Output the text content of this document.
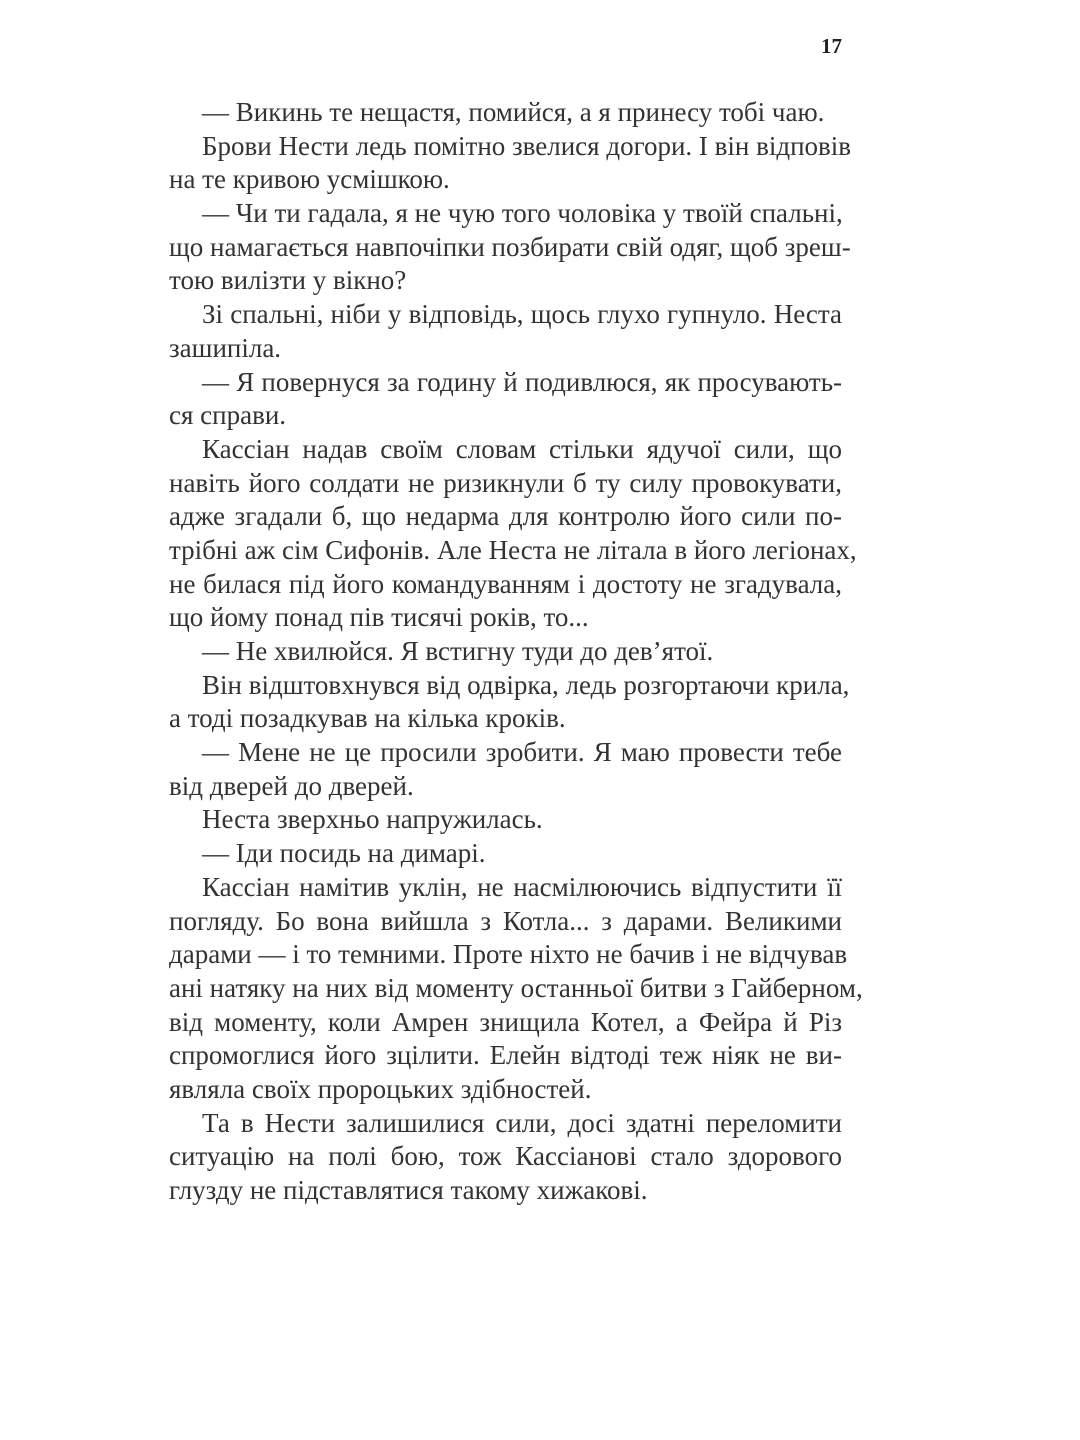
17
— Викинь те нещастя, помийся, а я принесу тобі чаю.
Брови Нести ледь помітно звелися догори. І він відповів
на те кривою усмішкою.
— Чи ти гадала, я не чую того чоловіка у твоїй спальні,
що намагається навпочіпки позбирати свій одяг, щоб зреш-
тою вилізти у вікно?
Зі спальні, ніби у відповідь, щось глухо гупнуло. Неста
зашипіла.
— Я повернуся за годину й подивлюся, як просувають-
ся справи.
Кассіан надав своїм словам стільки ядучої сили, що
навіть його солдати не ризикнули б ту силу провокувати,
адже згадали б, що недарма для контролю його сили по-
трібні аж сім Сифонів. Але Неста не літала в його легіонах,
не билася під його командуванням і достоту не згадувала,
що йому понад пів тисячі років, то...
— Не хвилюйся. Я встигну туди до дев’ятої.
Він відштовхнувся від одвірка, ледь розгортаючи крила,
а тоді позадкував на кілька кроків.
— Мене не це просили зробити. Я маю провести тебе
від дверей до дверей.
Неста зверхньо напружилась.
— Іди посидь на димарі.
Кассіан намітив уклін, не насмілюючись відпустити її
погляду. Бо вона вийшла з Котла... з дарами. Великими
дарами — і то темними. Проте ніхто не бачив і не відчував
ані натяку на них від моменту останньої битви з Гайберном,
від моменту, коли Амрен знищила Котел, а Фейра й Різ
спромоглися його зцілити. Елейн відтоді теж ніяк не ви-
являла своїх пророцьких здібностей.
Та в Нести залишилися сили, досі здатні переломити
ситуацію на полі бою, тож Кассіанові стало здорового
глузду не підставлятися такому хижакові.
